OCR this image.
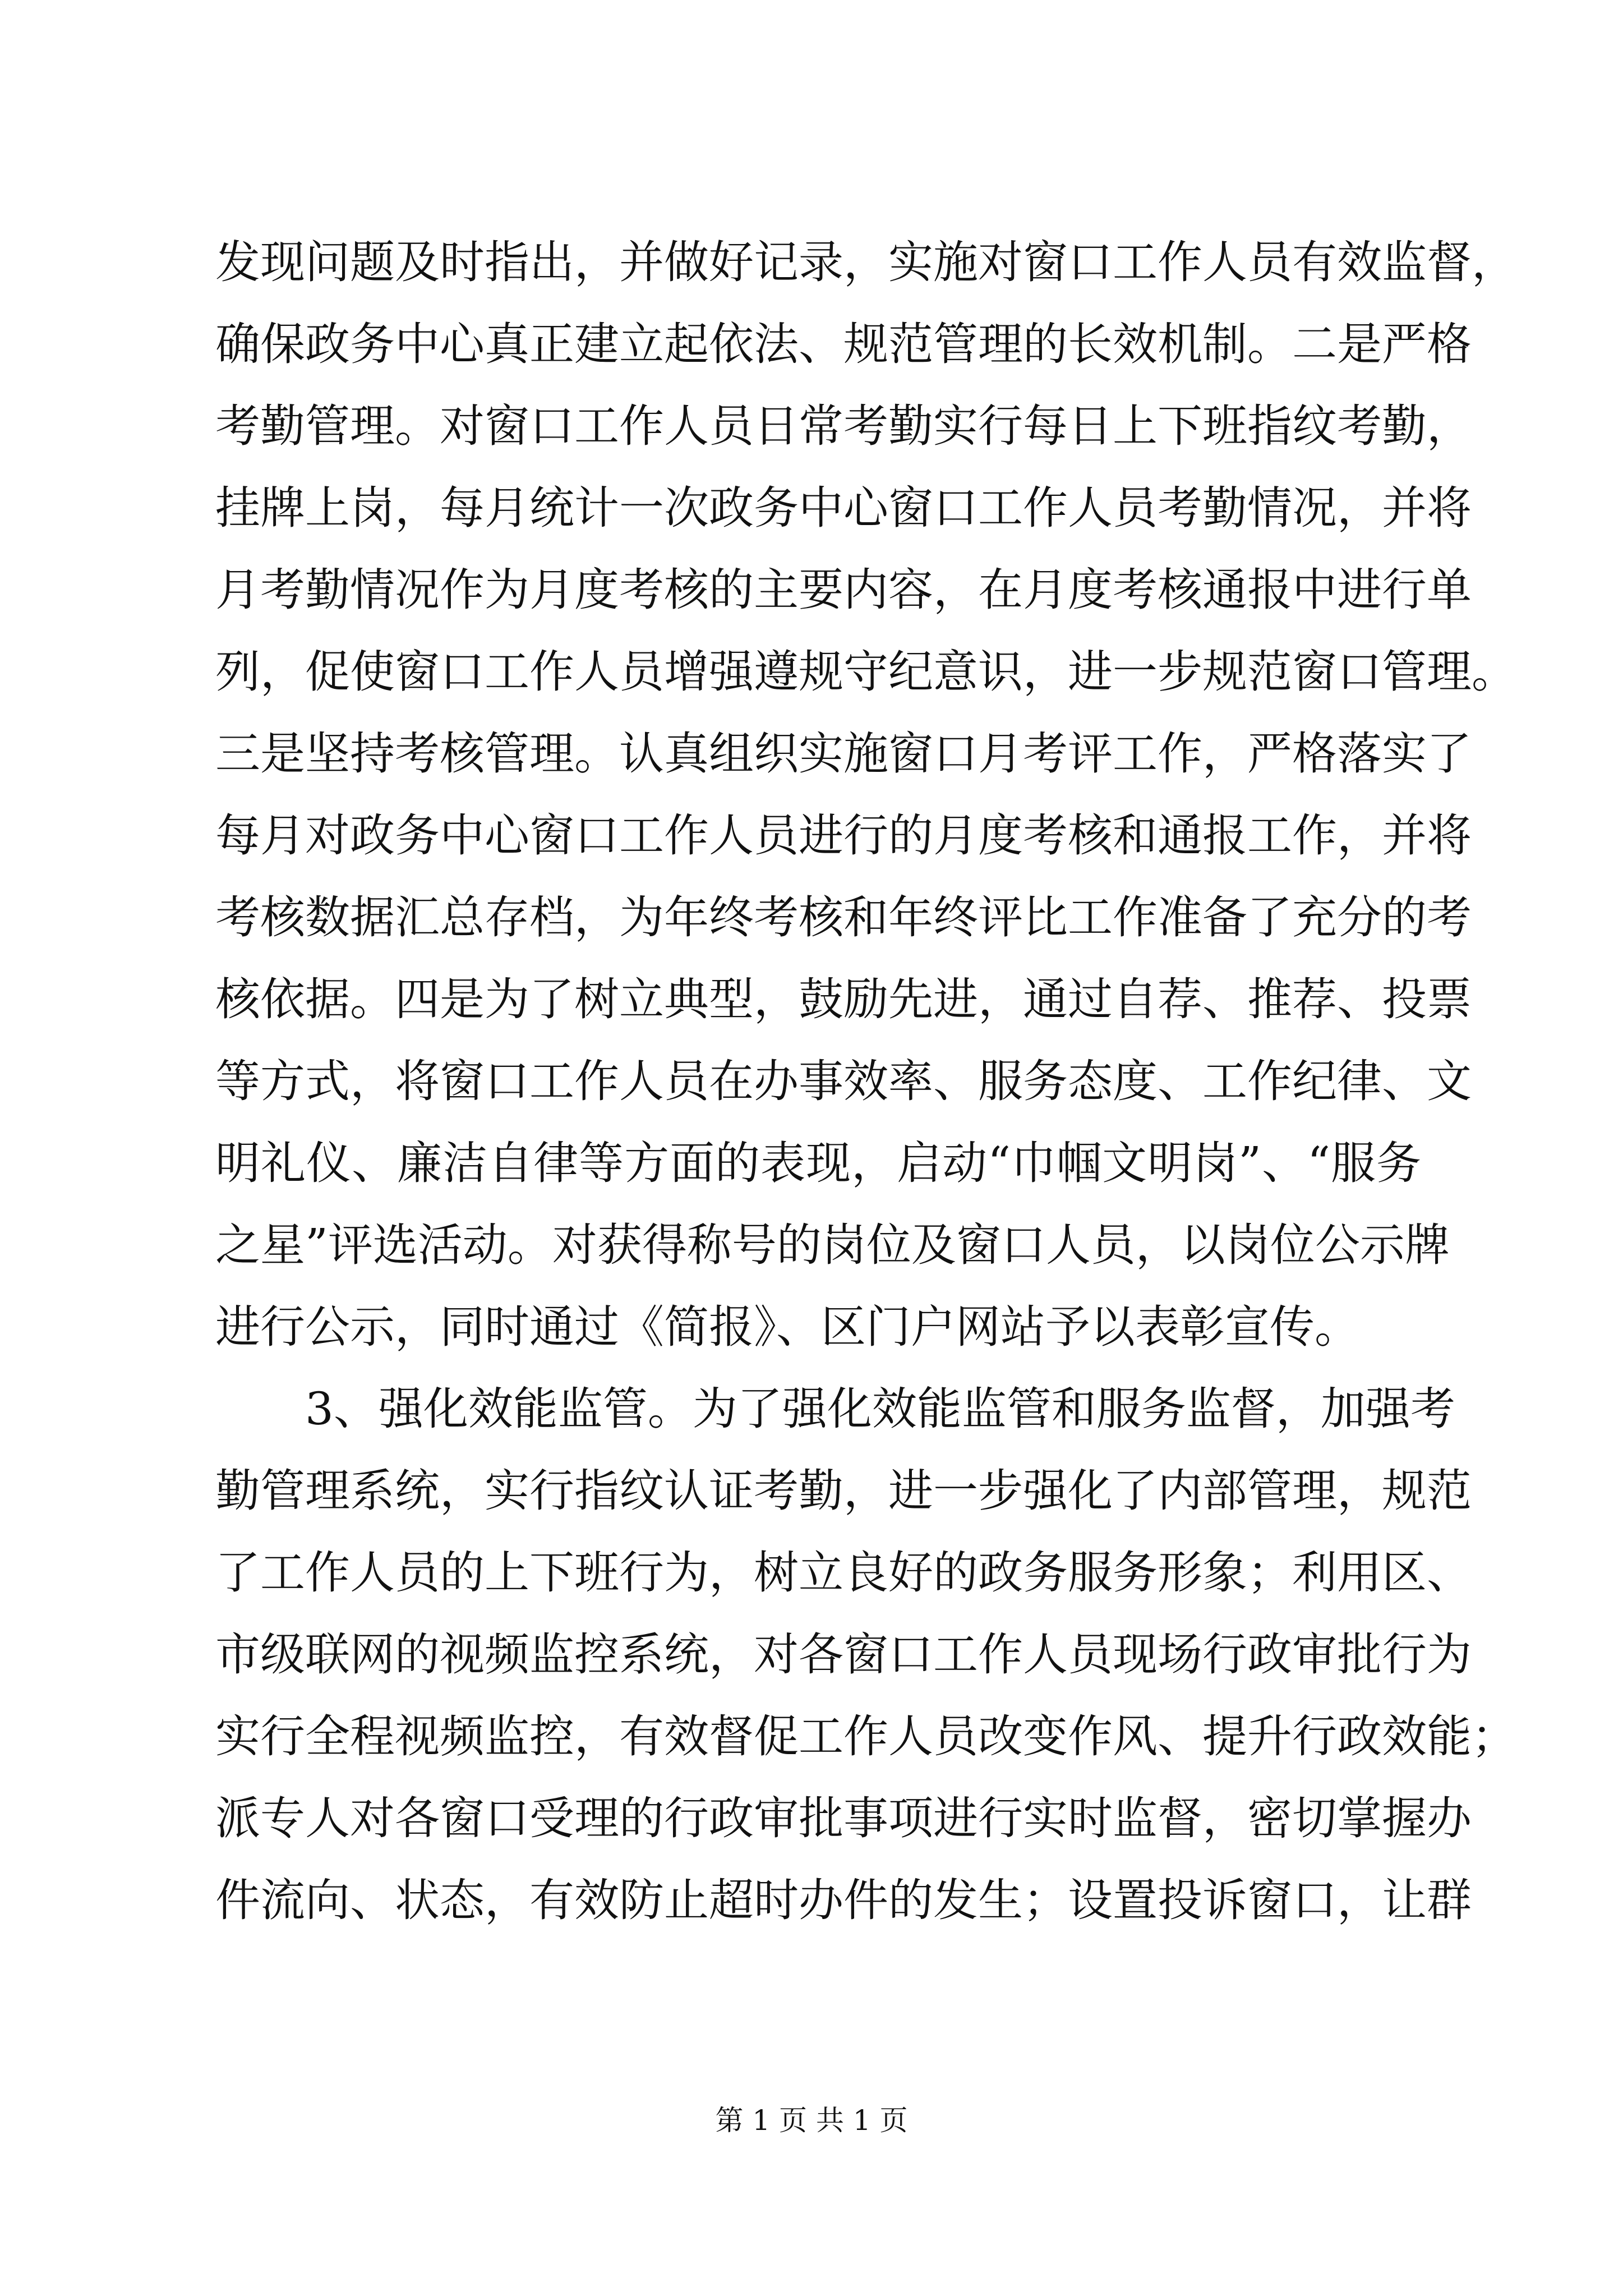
发现问题及时指出，并做好记录，实施对窗口工作人员有效监督，
确保政务中心真正建立起依法、规范管理的长效机制。二是严格
考勤管理。对窗口工作人员日常考勤实行每日上下班指纹考勤，
挂牌上岗，每月统计一次政务中心窗口工作人员考勤情况，并将
月考勤情况作为月度考核的主要内容，在月度考核通报中进行单
列，促使窗口工作人员增强遵规守纪意识，进一步规范窗口管理。
三是坚持考核管理。认真组织实施窗口月考评工作，严格落实了
每月对政务中心窗口工作人员进行的月度考核和通报工作，并将
考核数据汇总存档，为年终考核和年终评比工作准备了充分的考
核依据。四是为了树立典型，鼓励先进，通过自荐、推荐、投票
等方式，将窗口工作人员在办事效率、服务态度、工作纪律、文
明礼仪、廉洁自律等方面的表现，启动“巾帼文明岗”、“服务
之星”评选活动。对获得称号的岗位及窗口人员，以岗位公示牌
进行公示，同时通过《简报》、区门户网站予以表彰宣传。
3、强化效能监管。为了强化效能监管和服务监督，加强考
勤管理系统，实行指纹认证考勤，进一步强化了内部管理，规范
了工作人员的上下班行为，树立良好的政务服务形象；利用区、
市级联网的视频监控系统，对各窗口工作人员现场行政审批行为
实行全程视频监控，有效督促工作人员改变作风、提升行政效能；
派专人对各窗口受理的行政审批事项进行实时监督，密切掌握办
件流向、状态，有效防止超时办件的发生；设置投诉窗口，让群
第 1 页 共 1 页
